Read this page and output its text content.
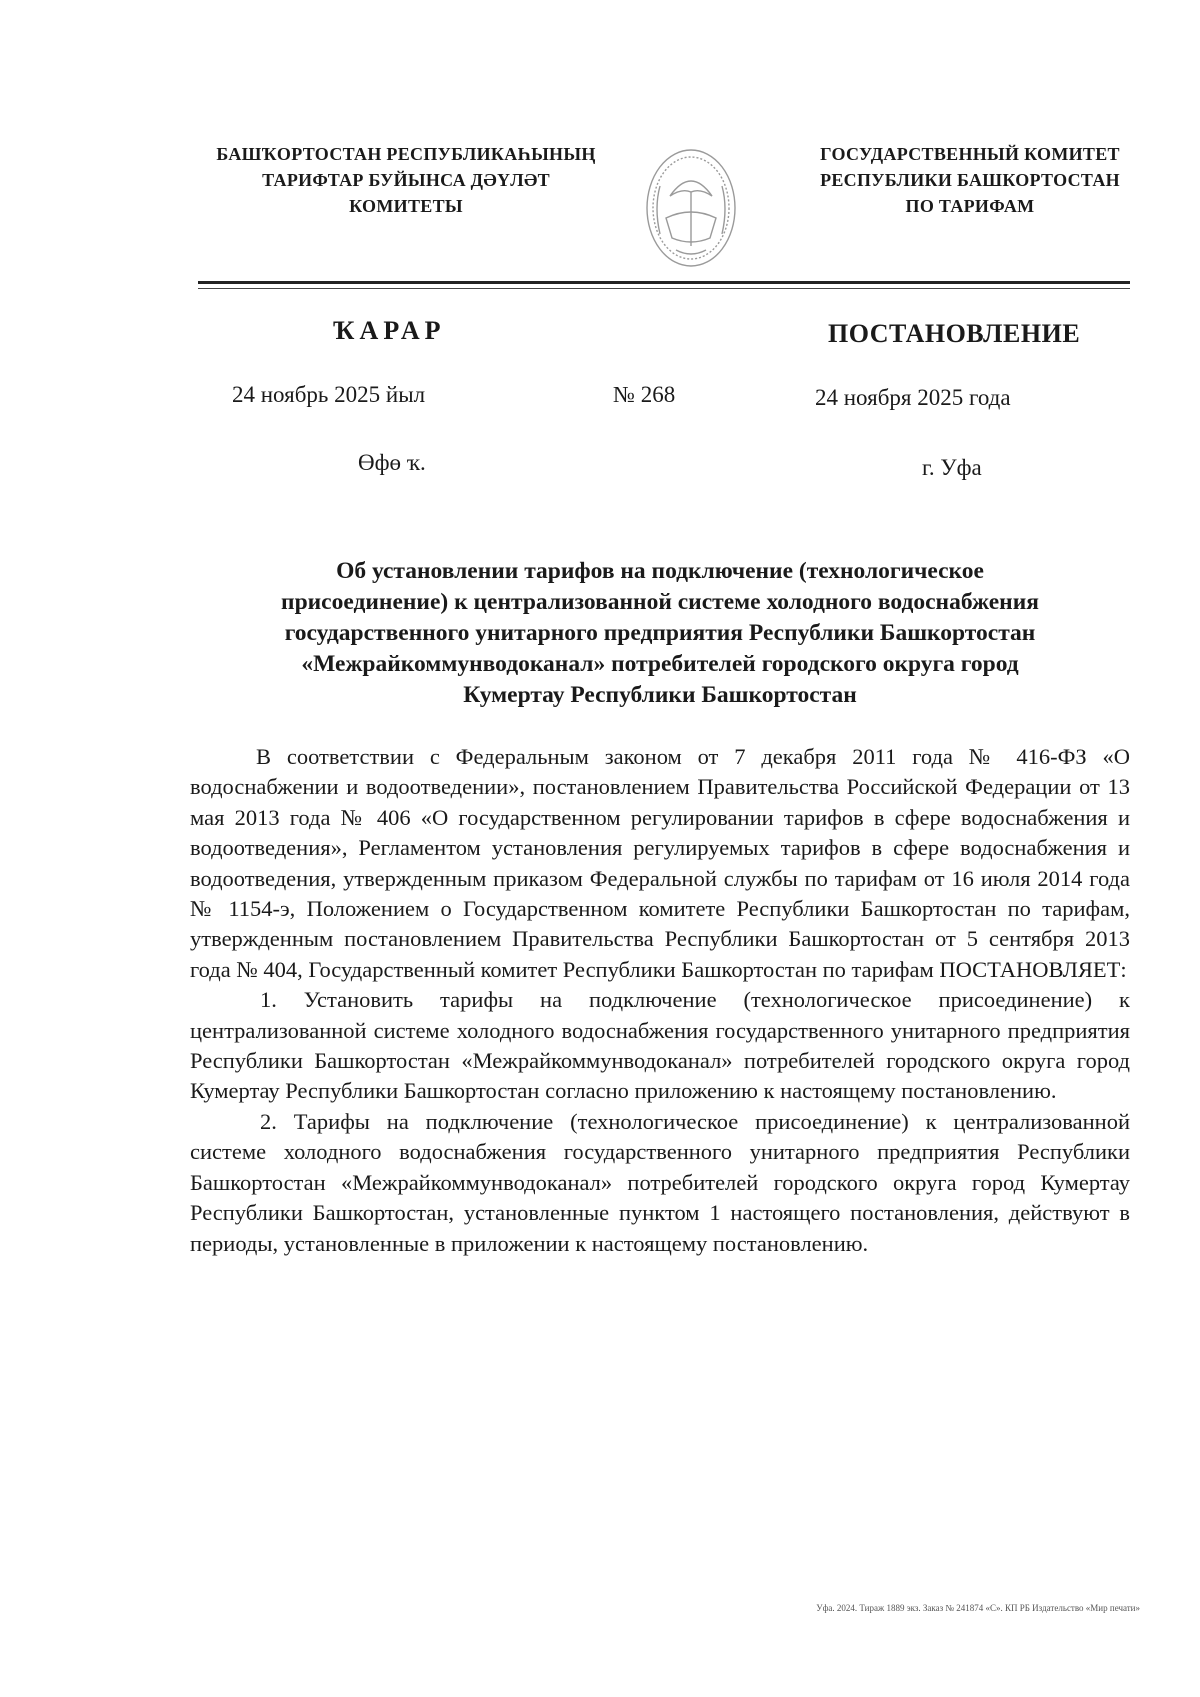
БАШҠОРТОСТАН РЕСПУБЛИКАҺЫНЫҢ
ТАРИФТАР БУЙЫНСА ДӘҮЛӘТ
КОМИТЕТЫ
ГОСУДАРСТВЕННЫЙ КОМИТЕТ
РЕСПУБЛИКИ БАШКОРТОСТАН
ПО ТАРИФАМ
ҠАРАР	ПОСТАНОВЛЕНИЕ
24 ноябрь 2025 йыл	№ 268	24 ноября 2025 года
Өфө ҡ.	г. Уфа
Об установлении тарифов на подключение (технологическое
присоединение) к централизованной системе холодного водоснабжения
государственного унитарного предприятия Республики Башкортостан
«Межрайкоммунводоканал» потребителей городского округа город
Кумертау Республики Башкортостан

В соответствии с Федеральным законом от 7 декабря 2011 года № 416-ФЗ «О водоснабжении и водоотведении», постановлением Правительства Российской Федерации от 13 мая 2013 года № 406 «О государственном регулировании тарифов в сфере водоснабжения и водоотведения», Регламентом установления регулируемых тарифов в сфере водоснабжения и водоотведения, утвержденным приказом Федеральной службы по тарифам от 16 июля 2014 года № 1154-э, Положением о Государственном комитете Республики Башкортостан по тарифам, утвержденным постановлением Правительства Республики Башкортостан от 5 сентября 2013 года № 404, Государственный комитет Республики Башкортостан по тарифам ПОСТАНОВЛЯЕТ:

1. Установить тарифы на подключение (технологическое присоединение) к централизованной системе холодного водоснабжения государственного унитарного предприятия Республики Башкортостан «Межрайкоммунводоканал» потребителей городского округа город Кумертау Республики Башкортостан согласно приложению к настоящему постановлению.

2. Тарифы на подключение (технологическое присоединение) к централизованной системе холодного водоснабжения государственного унитарного предприятия Республики Башкортостан «Межрайкоммунводоканал» потребителей городского округа город Кумертау Республики Башкортостан, установленные пунктом 1 настоящего постановления, действуют в периоды, установленные в приложении к настоящему постановлению.

Уфа. 2024. Тираж 1889 экз. Заказ № 241874 «С». КП РБ Издательство «Мир печати»
